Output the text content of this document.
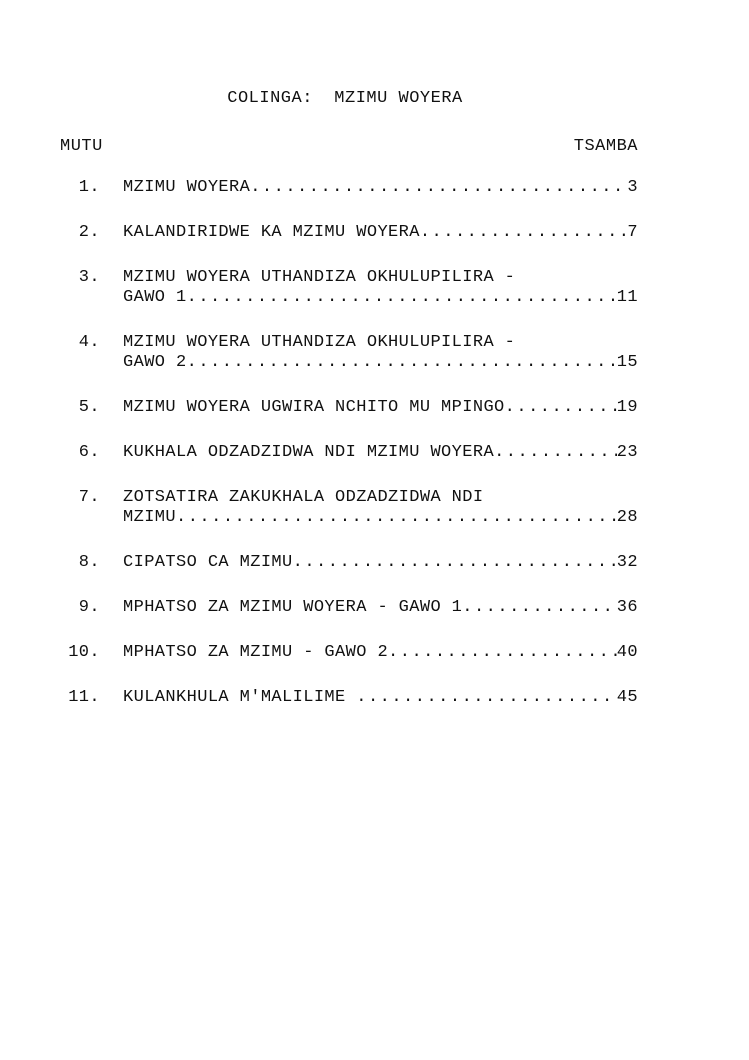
COLINGA:  MZIMU WOYERA
MUTU	TSAMBA
1. MZIMU WOYERA .....	3
2. KALANDIRIDWE KA MZIMU WOYERA .....	7
3. MZIMU WOYERA UTHANDIZA OKHULUPILIRA -
GAWO 1 .....	11
4. MZIMU WOYERA UTHANDIZA OKHULUPILIRA -
GAWO 2 .....	15
5. MZIMU WOYERA UGWIRA NCHITO MU MPINGO .....	19
6. KUKHALA ODZADZIDWA NDI MZIMU WOYERA .....	23
7. ZOTSATIRA ZAKUKHALA ODZADZIDWA NDI
MZIMU .....	28
8. CIPATSO CA MZIMU .....	32
9. MPHATSO ZA MZIMU WOYERA - GAWO 1 .....	36
10. MPHATSO ZA MZIMU - GAWO 2 .....	40
11. KULANKHULA M'MALILIME .....	45
